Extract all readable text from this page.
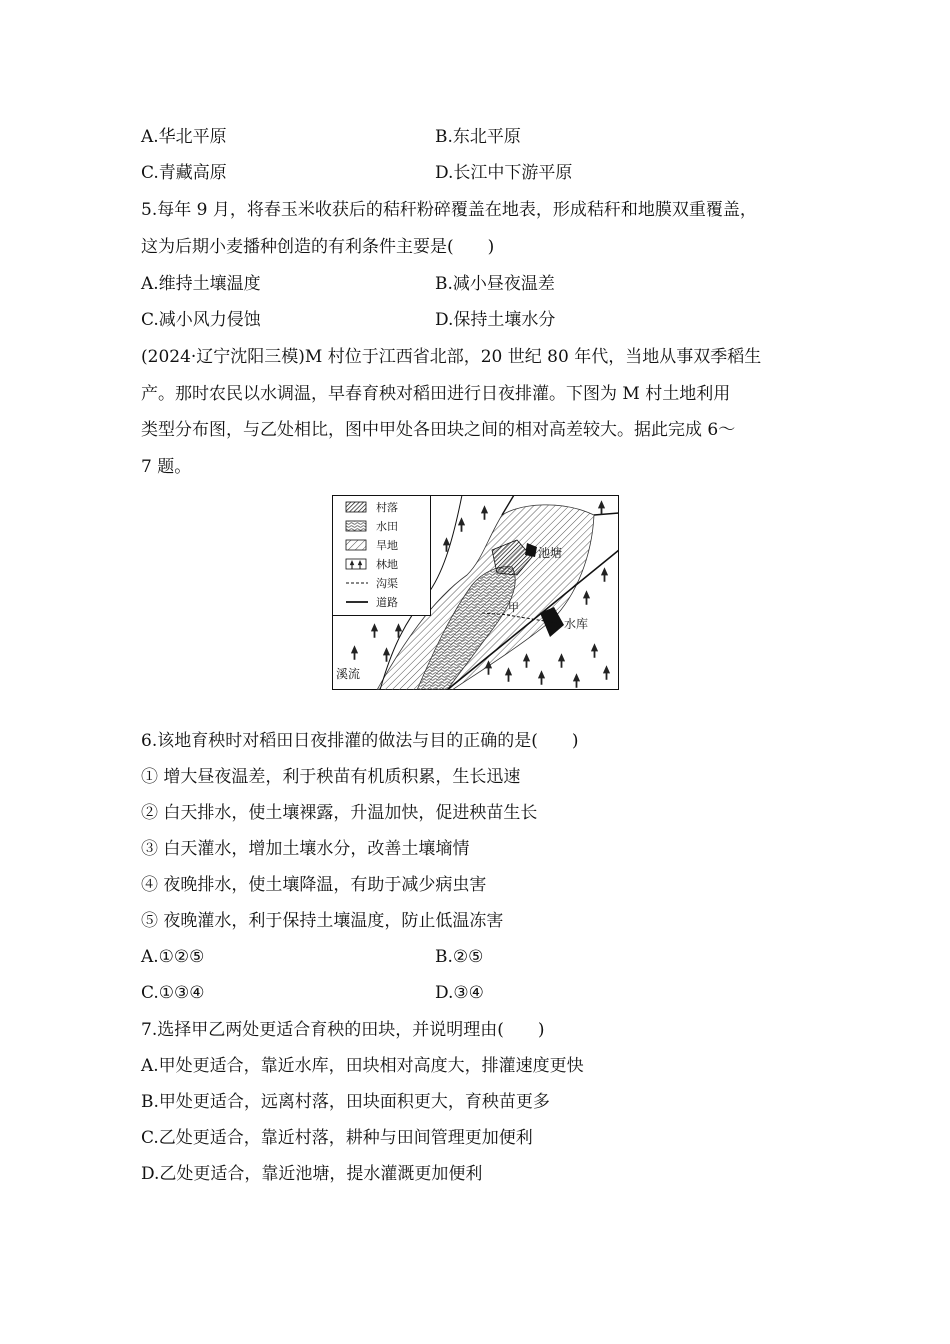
A.华北平原	B.东北平原
C.青藏高原	D.长江中下游平原
5.每年 9 月，将春玉米收获后的秸秆粉碎覆盖在地表，形成秸秆和地膜双重覆盖，
这为后期小麦播种创造的有利条件主要是(　　)
A.维持土壤温度	B.减小昼夜温差
C.减小风力侵蚀	D.保持土壤水分
(2024·辽宁沈阳三模)M 村位于江西省北部，20 世纪 80 年代，当地从事双季稻生
产。那时农民以水调温，早春育秧对稻田进行日夜排灌。下图为 M 村土地利用
类型分布图，与乙处相比，图中甲处各田块之间的相对高差较大。据此完成 6～
7 题。
村落
水田
旱地
林地
沟渠
道路
池塘
水库
溪流
甲
6.该地育秧时对稻田日夜排灌的做法与目的正确的是(　　)
① 增大昼夜温差，利于秧苗有机质积累，生长迅速
② 白天排水，使土壤裸露，升温加快，促进秧苗生长
③ 白天灌水，增加土壤水分，改善土壤墒情
④ 夜晚排水，使土壤降温，有助于减少病虫害
⑤ 夜晚灌水，利于保持土壤温度，防止低温冻害
A.①②⑤	B.②⑤
C.①③④	D.③④
7.选择甲乙两处更适合育秧的田块，并说明理由(　　)
A.甲处更适合，靠近水库，田块相对高度大，排灌速度更快
B.甲处更适合，远离村落，田块面积更大，育秧苗更多
C.乙处更适合，靠近村落，耕种与田间管理更加便利
D.乙处更适合，靠近池塘，提水灌溉更加便利
